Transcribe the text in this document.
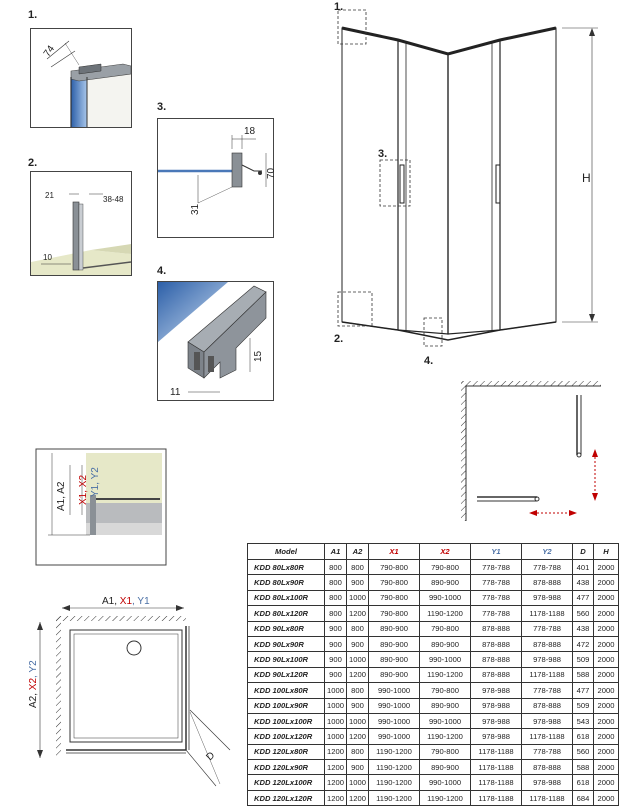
1.
74
2.
21	38-48
10
3.
18
70
31
4.
15
11
H
1.
3.
2.
4.
A1, A2 X1, X2 Y1, Y2
A1, X1, Y1
A2, X2, Y2
D
Model	A1	A2	X1	X2	Y1	Y2	D	H
KDD 80Lx80R	800	800	790-800	790-800	778-788	778-788	401	2000
KDD 80Lx90R	800	900	790-800	890-900	778-788	878-888	438	2000
KDD 80Lx100R	800	1000	790-800	990-1000	778-788	978-988	477	2000
KDD 80Lx120R	800	1200	790-800	1190-1200	778-788	1178-1188	560	2000
KDD 90Lx80R	900	800	890-900	790-800	878-888	778-788	438	2000
KDD 90Lx90R	900	900	890-900	890-900	878-888	878-888	472	2000
KDD 90Lx100R	900	1000	890-900	990-1000	878-888	978-988	509	2000
KDD 90Lx120R	900	1200	890-900	1190-1200	878-888	1178-1188	588	2000
KDD 100Lx80R	1000	800	990-1000	790-800	978-988	778-788	477	2000
KDD 100Lx90R	1000	900	990-1000	890-900	978-988	878-888	509	2000
KDD 100Lx100R	1000	1000	990-1000	990-1000	978-988	978-988	543	2000
KDD 100Lx120R	1000	1200	990-1000	1190-1200	978-988	1178-1188	618	2000
KDD 120Lx80R	1200	800	1190-1200	790-800	1178-1188	778-788	560	2000
KDD 120Lx90R	1200	900	1190-1200	890-900	1178-1188	878-888	588	2000
KDD 120Lx100R	1200	1000	1190-1200	990-1000	1178-1188	978-988	618	2000
KDD 120Lx120R	1200	1200	1190-1200	1190-1200	1178-1188	1178-1188	684	2000
